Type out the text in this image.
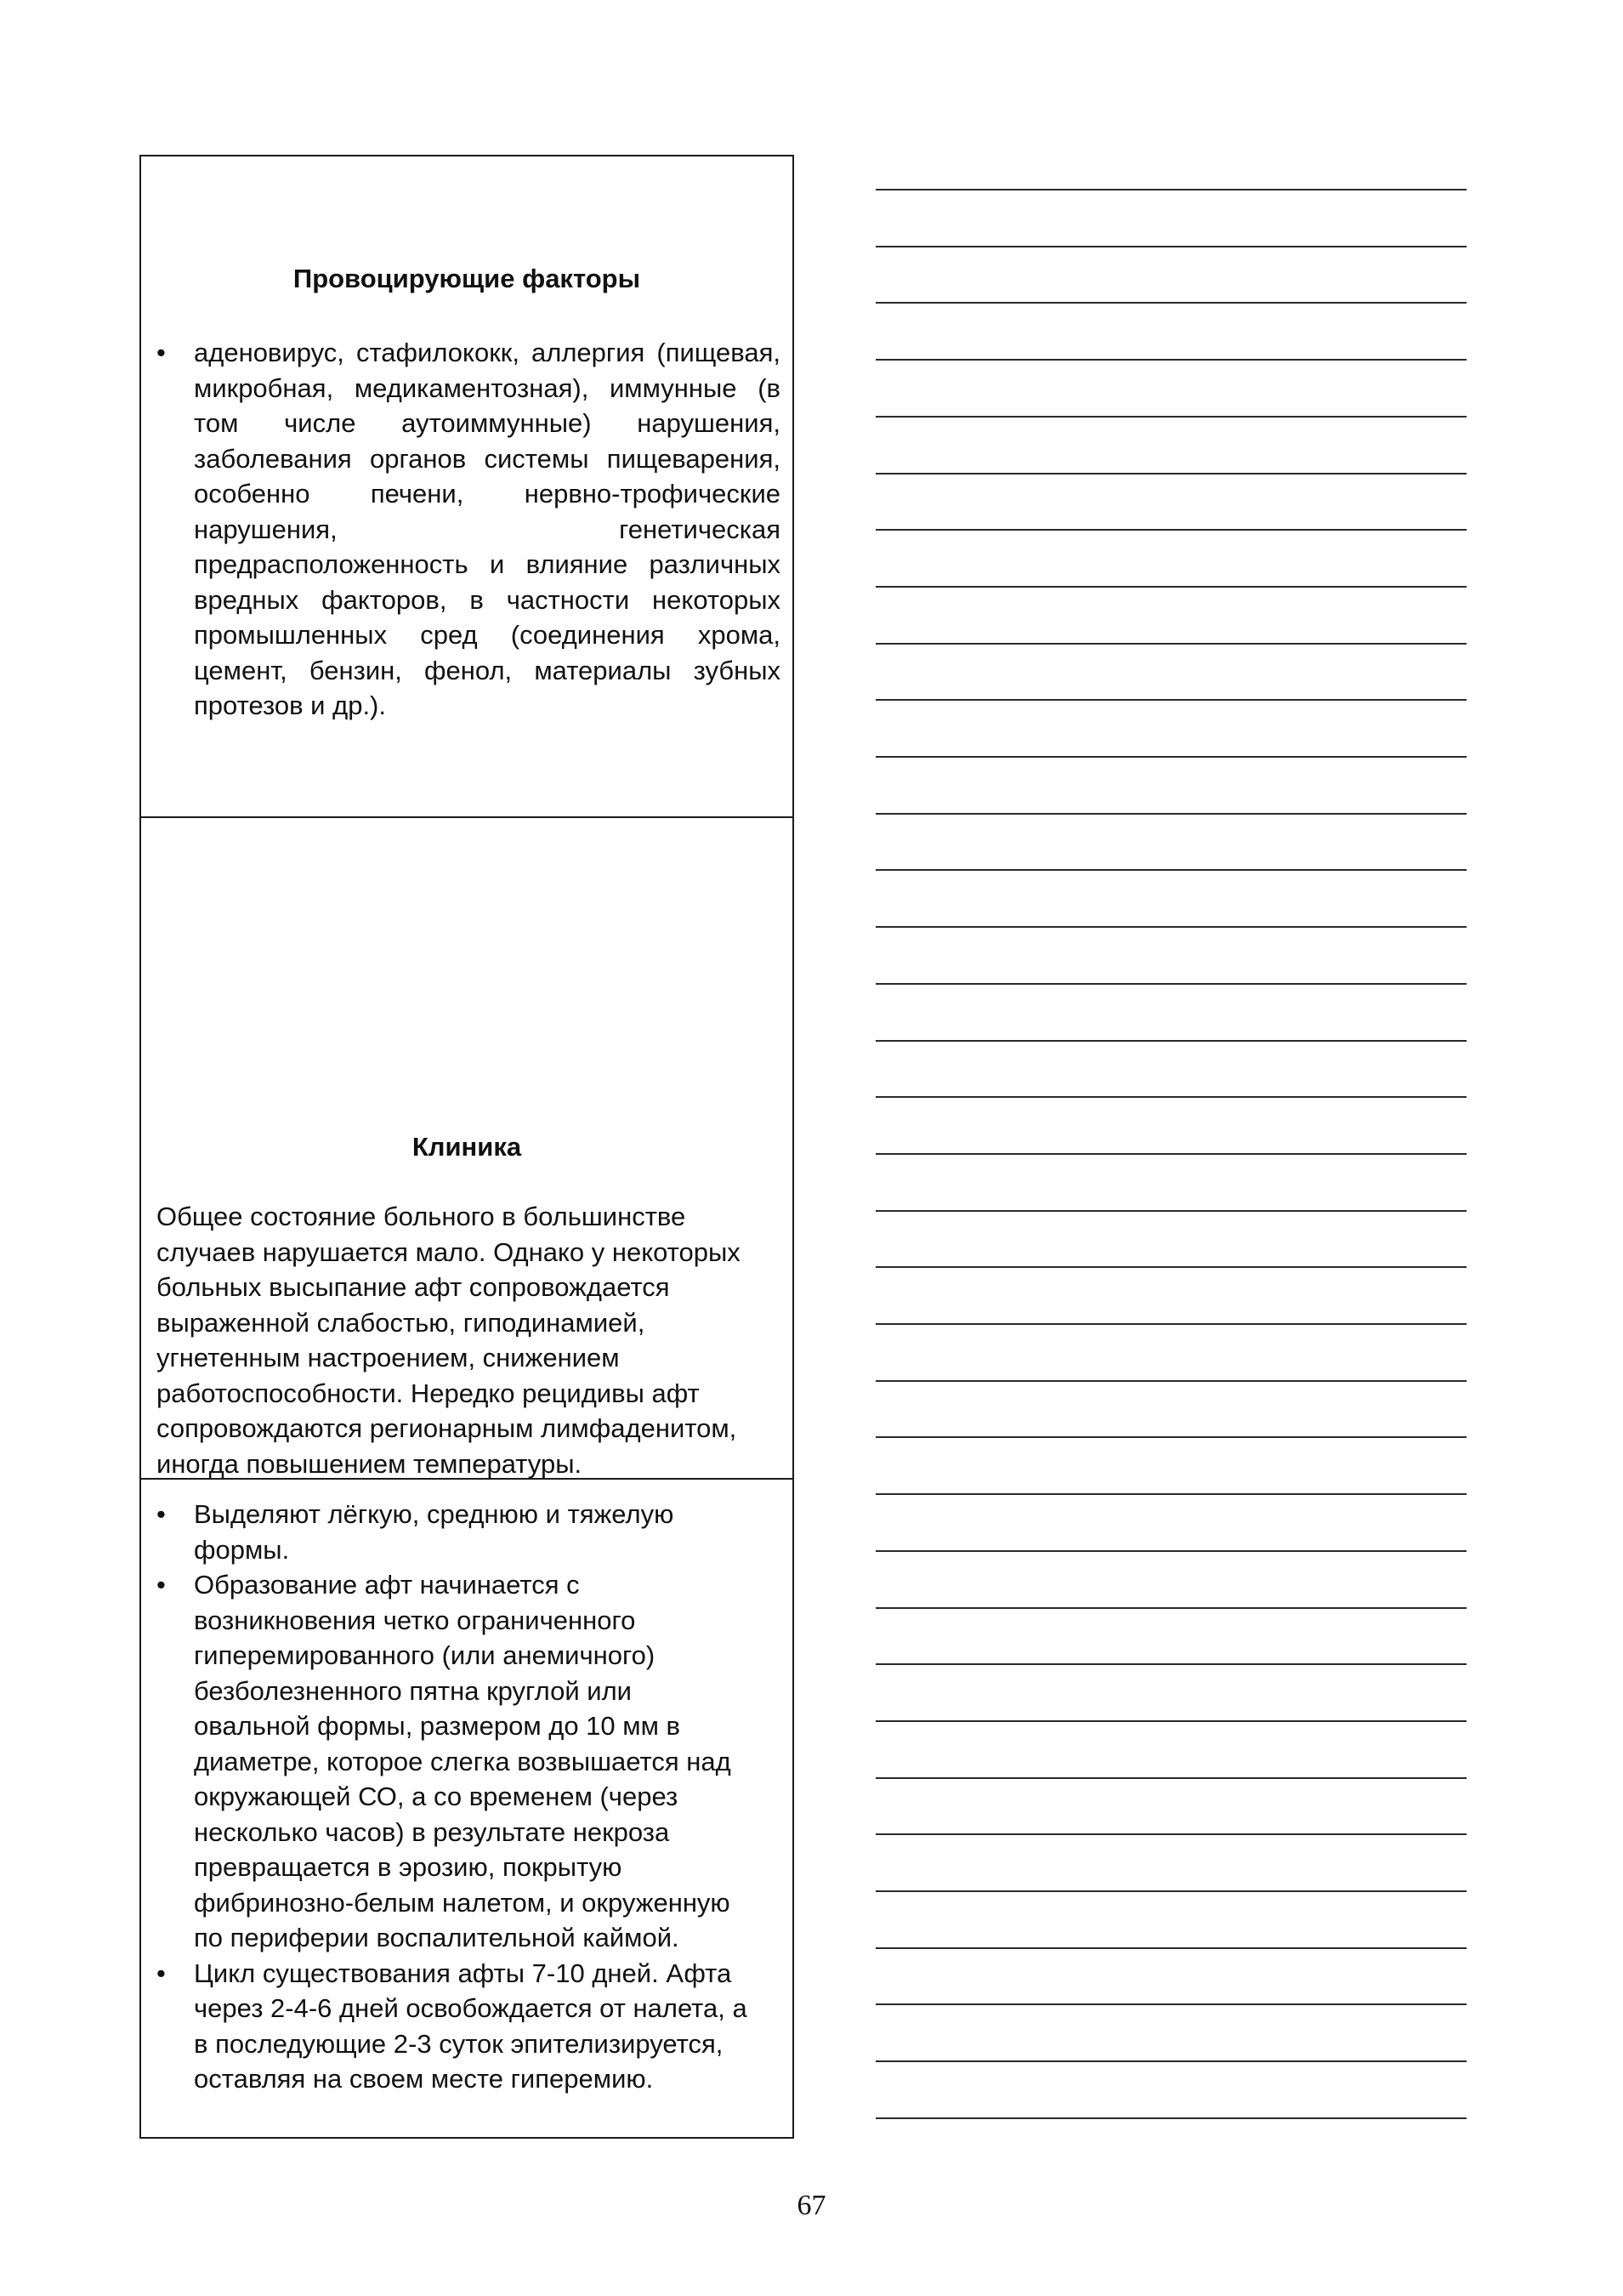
Провоцирующие факторы
• аденовирус, стафилококк, аллергия (пищевая, микробная, медикаментозная), иммунные (в том числе аутоиммунные) нарушения, заболевания органов системы пищеварения, особенно печени, нервно-трофические нарушения, генетическая предрасположенность и влияние различных вредных факторов, в частности некоторых промышленных сред (соединения хрома, цемент, бензин, фенол, материалы зубных протезов и др.).
Клиника
Общее состояние больного в большинстве случаев нарушается мало. Однако у некоторых больных высыпание афт сопровождается выраженной слабостью, гиподинамией, угнетенным настроением, снижением работоспособности. Нередко рецидивы афт сопровождаются регионарным лимфаденитом, иногда повышением температуры.
• Выделяют лёгкую, среднюю и тяжелую формы.
• Образование афт начинается с возникновения четко ограниченного гиперемированного (или анемичного) безболезненного пятна круглой или овальной формы, размером до 10 мм в диаметре, которое слегка возвышается над окружающей СО, а со временем (через несколько часов) в результате некроза превращается в эрозию, покрытую фибринозно-белым налетом, и окруженную по периферии воспалительной каймой.
• Цикл существования афты 7-10 дней. Афта через 2-4-6 дней освобождается от налета, а в последующие 2-3 суток эпителизируется, оставляя на своем месте гиперемию.
67
